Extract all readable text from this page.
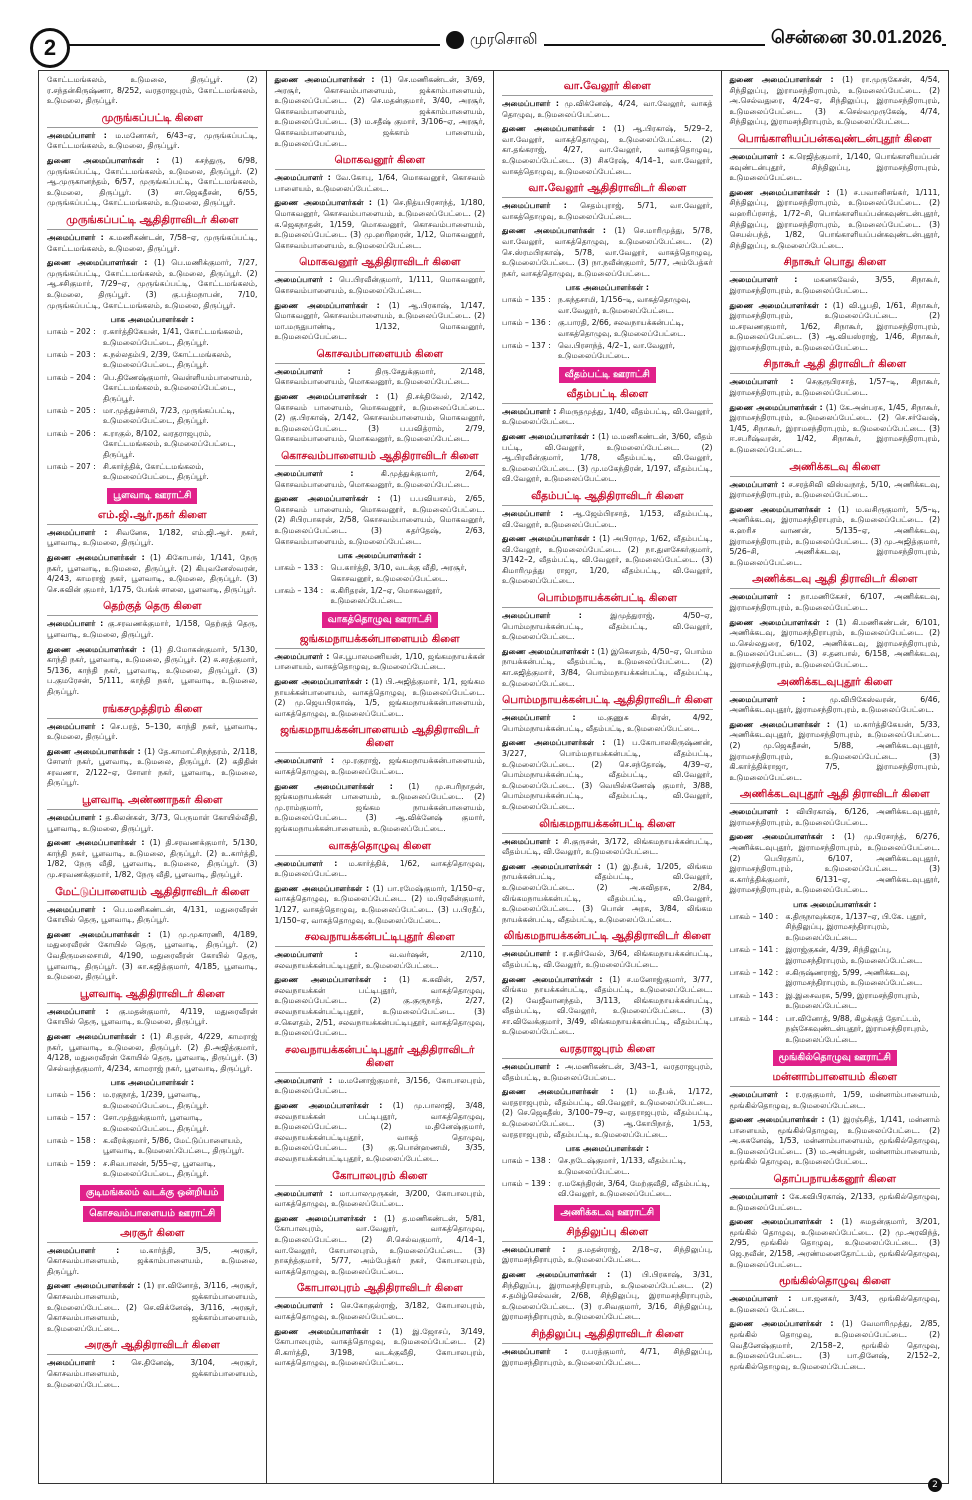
2	முரசொலி	சென்னை 30.01.2026

கோட்டமங்கலம், உடுமலை, திருப்பூர். (2) ர.சந்தன்கிருஷ்ணா, 8/252, வரதராஜபுரம், கோட்டமங்கலம், உடுமலை, திருப்பூர்.

முருங்கப்பட்டி கிளை

அமைப்பாளர் : ம.மனோகர், 6/43–ஏ, முருங்கப்பட்டி, கோட்டமங்கலம், உடுமலை, திருப்பூர்.

துணை அமைப்பாளர்கள் : (1) சுசந்துரு, 6/98, முருங்கப்பட்டி, கோட்டமங்கலம், உடுமலை, திருப்பூர். (2) ஆ.முருகானந்தம், 6/57, முருங்கப்பட்டி, கோட்டமங்கலம், உடுமலை, திருப்பூர். (3) சா.ஜெகதீசன், 6/55, முருங்கப்பட்டி, கோட்டமங்கலம், உடுமலை, திருப்பூர்.

முருங்கப்பட்டி ஆதிதிராவிடர் கிளை

அமைப்பாளர் : க.மணிகண்டன், 7/58–ஏ, முருங்கப்பட்டி, கோட்டமங்கலம், உடுமலை, திருப்பூர்.

துணை அமைப்பாளர்கள் : (1) பெ.மணிக்குமார், 7/27, முருங்கப்பட்டி, கோட்டமங்கலம், உடுமலை, திருப்பூர். (2) ஆ.சசிகுமார், 7/29–ஏ, முருங்கப்பட்டி, கோட்டமங்கலம், உடுமலை, திருப்பூர். (3) கு.பத்மநாபன், 7/10, முருங்கப்பட்டி, கோட்டமங்கலம், உடுமலை, திருப்பூர்.

பாக அமைப்பாளர்கள் :
பாகம் – 202 : ர.கார்த்திகேயன், 1/41, கோட்டமங்கலம், உடுமலைப்பேட்டை, திருப்பூர்.
பாகம் – 203 : சு.நல்லதம்பி, 2/39, கோட்டமங்கலம், உடுமலைப்பேட்டை, திருப்பூர்.
பாகம் – 204 : பெ.திணேஷ்குமார், வெள்ளியம்பாளையம், கோட்டமங்கலம், உடுமலைப்பேட்டை, திருப்பூர்.
பாகம் – 205 : மா.முத்துச்சாமி, 7/23, முருங்கப்பட்டி, உடுமலைப்பேட்டை, திருப்பூர்.
பாகம் – 206 : க.ராகுல், 8/102, வரதராஜபுரம், கோட்டமங்கலம், உடுமலைப்பேட்டை, திருப்பூர்.
பாகம் – 207 : சி.கார்த்திக், கோட்டமங்கலம், உடுமலைப்பேட்டை, திருப்பூர்.
பூளவாடி ஊராட்சி
எம்.ஜி.ஆர்.நகர் கிளை

அமைப்பாளர் : சிவனேசு, 1/182, எம்.ஜி.ஆர். நகர், பூளவாடி, உடுமலை, திருப்பூர்.

துணை அமைப்பாளர்கள் : (1) கிகோபால், 1/141, நேரு நகர், பூளவாடி, உடுமலை, திருப்பூர். (2) கிபுவனேஸ்வரன், 4/243, காமராஜ் நகர், பூளவாடி, உடுமலை, திருப்பூர். (3) செ.சுவின் குமார், 1/175, பேங்க் சாலை, பூளவாடி, திருப்பூர்.

தெற்குத் தெரு கிளை

அமைப்பாளர் : கு.சரவணக்குமார், 1/158, தெற்குத் தெரு, பூளவாடி, உடுமலை, திருப்பூர்.

துணை அமைப்பாளர்கள் : (1) தி.மோகன்குமார், 5/130, காந்தி நகர், பூளவாடி, உடுமலை, திருப்பூர். (2) சு.சரத்குமார், 5/136, காந்தி நகர், பூளவாடி, உடுமலை, திருப்பூர். (3) ப.குமரேசன், 5/111, காந்தி நகர், பூளவாடி, உடுமலை, திருப்பூர்.

ரங்கசமுத்திரம் கிளை

அமைப்பாளர் : செ.பரத், 5–130, காந்தி நகர், பூளவாடி, உடுமலை, திருப்பூர்.

துணை அமைப்பாளர்கள் : (1) தே.காமாட்சிநந்தரம், 2/118, சோளர் நகர், பூளவாடி, உடுமலை, திருப்பூர். (2) கதிதின் சரவணா, 2/122–ஏ, சோளர் நகர், பூளவாடி, உடுமலை, திருப்பூர்.

பூளவாடி அண்ணாநகர் கிளை

அமைப்பாளர் : த.கிலன்கள், 3/73, பெருமாள் கோயில்வீதி, பூளவாடி, உடுமலை, திருப்பூர்.

துணை அமைப்பாளர்கள் : (1) தி.சரவணக்குமார், 5/130, காந்தி நகர், பூளவாடி, உடுமலை, திருப்பூர். (2) உ.கார்த்தி, 1/82, நேரு வீதி, பூளவாடி, உடுமலை, திருப்பூர். (3) மு.சரவணக்குமார், 1/82, நேரு வீதி, பூளவாடி, திருப்பூர்.

மேட்டுப்பாளையம் ஆதிதிராவிடர் கிளை

அமைப்பாளர் : பெ.மணிகண்டன், 4/131, மதுரைவீரன் கோயில் தெரு, பூளவாடி, திருப்பூர்.

துணை அமைப்பாளர்கள் : (1) மு.முகாரணி, 4/189, மதுரைவீரன் கோயில் தெரு, பூளவாடி, திருப்பூர். (2) வேதிருமலைசாமி, 4/190, மதுரைவீரன் கோயில் தெரு, பூளவாடி, திருப்பூர். (3) கா.சுஜித்குமார், 4/185, பூளவாடி, உடுமலை, திருப்பூர்.

பூளவாடி ஆதிதிராவிடர் கிளை

அமைப்பாளர் : கு.மதன்குமார், 4/119, மதுரைவீரன் கோயில் தெரு, பூளவாடி, உடுமலை, திருப்பூர்.

துணை அமைப்பாளர்கள் : (1) சி.தரன், 4/229, காமராஜ் நகர், பூளவாடி, உடுமலை, திருப்பூர். (2) தி.அஜித்குமார், 4/128, மதுரைவீரன் கோயில் தெரு, பூளவாடி, திருப்பூர். (3) செல்வந்தகுமார், 4/234, காமராஜ் நகர், பூளவாடி, திருப்பூர்.

பாக அமைப்பாளர்கள் :
பாகம் – 156 : ம.ரகுநாத், 1/239, பூளவாடி, உடுமலைப்பேட்டை, திருப்பூர்.
பாகம் – 157 : சோ.முத்துக்குமார், பூளவாடி, உடுமலைப்பேட்டை, திருப்பூர்.
பாகம் – 158 : க.வீரக்குமார், 5/86, மேட்டுப்பாளையம், பூளவாடி, உடுமலைப்பேட்டை, திருப்பூர்.
பாகம் – 159 : ச.சிவபாலன், 5/55–ஏ, பூளவாடி, உடுமலைப்பேட்டை, திருப்பூர்.
குடிமங்கலம் வடக்கு ஒன்றியம்
கொசவம்பாளையம் ஊராட்சி
அரசூர் கிளை

அமைப்பாளர் : ம.கார்த்தி, 3/5, அரசூர், கொசவம்பாளையம், ஜக்காம்பாளையம், உடுமலை, திருப்பூர்.

துணை அமைப்பாளர்கள் : (1) ரா.வினோத், 3/116, அரசூர், கொசவம்பாளையம், ஜக்காம்பாளையம், உடுமலைப்பேட்டை. (2) செ.விக்னேஷ், 3/116, அரசூர், கொசவம்பாளையம், ஜக்காம்பாளையம், உடுமலைப்பேட்டை.

அரசூர் ஆதிதிராவிடர் கிளை

அமைப்பாளர் : செ.தினேஷ், 3/104, அரசூர், கொசவம்பாளையம், ஜக்காம்பாளையம், உடுமலைப்பேட்டை.

துணை அமைப்பாளர்கள் : (1) செ.மணிகண்டன், 3/69, அரசூர், கொசவம்பாளையம், ஜக்காம்பாளையம், உடுமலைப்பேட்டை. (2) செ.மதன்குமார், 3/40, அரசூர், கொசவம்பாளையம், ஜக்காம்பாளையம், உடுமலைப்பேட்டை. (3) ம.சதீஷ் குமார், 3/106–ஏ, அரசூர், கொசவம்பாளையம், ஜக்காம் பாளையம், உடுமலைப்பேட்டை.

மொகவனூர் கிளை

அமைப்பாளர் : வே.கோபு, 1/64, மொகவனூர், கொசவம் பாளையம், உடுமலைப்பேட்டை.

துணை அமைப்பாளர்கள் : (1) செ.நித்யபிரசாந்த், 1/180, மொகவனூர், கொசவம்பாளையம், உடுமலைப்பேட்டை. (2) க.ஜெகநாதன், 1/159, மொகவனூர், கொசவம்பாளையம், உடுமலைப்பேட்டை. (3) மு.ஹரிஹரன், 1/12, மொகவனூர், கொசவம்பாளையம், உடுமலைப்பேட்டை.

மொகவனூர் ஆதிதிராவிடர் கிளை

அமைப்பாளர் : பெ.பிரவீன்குமார், 1/111, மொகவனூர், கொசவம்பாளையம், உடுமலைப்பேட்டை.

துணை அமைப்பாளர்கள் : (1) ஆ.பிரகாஷ், 1/147, மொகவனூர், கொசவம்பாளையம், உடுமலைப்பேட்டை. (2) மா.மருதுபாண்டி, 1/132, மொகவனூர், உடுமலைப்பேட்டை.

கொசவம்பாளையம் கிளை

அமைப்பாளர் : திரு.சேதுக்குமார், 2/148, கொசவம்பாளையம், மொகவனூர், உடுமலைப்பேட்டை.

துணை அமைப்பாளர்கள் : (1) தி.சக்திவேல், 2/142, கொசவம் பாளையம், மொகவனூர், உடுமலைப்பேட்டை. (2) கு.பிரகாஷ், 2/142, கொசவம்பாளையம், மொகவனூர், உடுமலைப்பேட்டை. (3) ப.பவித்ராம், 2/79, கொசவம்பாளையம், மொகவனூர், உடுமலைப்பேட்டை.

கொசவம்பாளையம் ஆதிதிராவிடர் கிளை

அமைப்பாளர் : கி.முத்துக்குமார், 2/64, கொசவம்பாளையம், மொகவனூர், உடுமலைப்பேட்டை.

துணை அமைப்பாளர்கள் : (1) ப.பவியாசம், 2/65, கொசவம் பாளையம், மொகவனூர், உடுமலைப்பேட்டை. (2) சிபிரபாகரன், 2/58, கொசவம்பாளையம், மொகவனூர், உடுமலைப்பேட்டை. (3) சுதர்தேஷ், 2/63, கொசவம்பாளையம், உடுமலைப்பேட்டை.

பாக அமைப்பாளர்கள் :
பாகம் – 133 : பெ.கார்த்தி, 3/10, வடக்கு வீதி, அரசூர், கொசவனூர், உடுமலைப்பேட்டை.
பாகம் – 134 : க.கிரிதரன், 1/2–ஏ, மொகவனூர், உடுமலைப்பேட்டை.
வாகத்தொழுவு ஊராட்சி
ஜங்கமநாயக்கன்பாளையம் கிளை

அமைப்பாளர் : செ.பூபாலமணியன், 1/10, ஜங்கமநாயக்கன் பாளையம், வாகத்தொழுவு, உடுமலைப்பேட்டை.

துணை அமைப்பாளர்கள் : (1) பி.அஜித்குமார், 1/1, ஜங்கம நாயக்கன்பாளையம், வாகத்தொழுவு, உடுமலைப்பேட்டை. (2) மு.ஜெயபிரகாஷ், 1/5, ஜங்கமநாயக்கன்பாளையம், வாகத்தொழுவு, உடுமலைப்பேட்டை.

ஜங்கமநாயக்கன்பாளையம் ஆதிதிராவிடர் கிளை

அமைப்பாளர் : மு.ரகுராஜ், ஜங்கமநாயக்கன்பாளையம், வாகத்தொழுவு, உடுமலைப்பேட்டை.

துணை அமைப்பாளர்கள் : (1) மு.சபரிநாதன், ஜங்கமநாயக்கன் பாளையம், உடுமலைப்பேட்டை. (2) மு.ராம்குமார், ஜங்கம நாயக்கன்பாளையம், உடுமலைப்பேட்டை. (3) ஆ.விக்னேஷ் குமார், ஜங்கமநாயக்கன்பாளையம், உடுமலைப்பேட்டை.

வாகத்தொழுவு கிளை

அமைப்பாளர் : ம.கார்த்திக், 1/62, வாகத்தொழுவு, உடுமலைப்பேட்டை.

துணை அமைப்பாளர்கள் : (1) பா.ரமேஷ்குமார், 1/150–ஏ, வாகத்தொழுவு, உடுமலைப்பேட்டை. (2) ம.பிரவீன்குமார், 1/127, வாகத்தொழுவு, உடுமலைப்பேட்டை. (3) ப.பிரதீப், 1/150–ஏ, வாகத்தொழுவு, உடுமலைப்பேட்டை.

சலவநாயக்கன்பட்டிபுதூர் கிளை

அமைப்பாளர் : வ.வர்ஷன், 2/110, சலவநாயக்கன்பட்டிபுதூர், உடுமலைப்பேட்டை.

துணை அமைப்பாளர்கள் : (1) க.கவின், 2/57, சலவநாயக்கன் பட்டிபுதூர், வாகத்தொழுவு, உடுமலைப்பேட்டை. (2) கு.குருநாத், 2/27, சலவநாயக்கன்பட்டிபுதூர், உடுமலைப்பேட்டை. (3) ச.கௌதம், 2/51, சலவநாயக்கன்பட்டிபுதூர், வாகத்தொழுவு, உடுமலைப்பேட்டை.

சலவநாயக்கன்பட்டிபுதூர் ஆதிதிராவிடர் கிளை

அமைப்பாளர் : ம.மனோஜ்குமார், 3/156, கோபாலபுரம், உடுமலைப்பேட்டை.

துணை அமைப்பாளர்கள் : (1) மு.பாலாஜி, 3/48, சலவநாயக்கன் பட்டிபுதூர், வாகத்தொழுவு, உடுமலைப்பேட்டை. (2) ம.தினேஷ்குமார், சலவநாயக்கன்பட்டிபுதூர், வாகத் தொழுவு, உடுமலைப்பேட்டை. (3) கு.பொன்ஹணமி, 3/35, சலவநாயக்கன்பட்டிபுதூர், உடுமலைப்பேட்டை.

கோபாலபுரம் கிளை

அமைப்பாளர் : மா.பாலமுருகன், 3/200, கோபாலபுரம், வாகத்தொழுவு, உடுமலைப்பேட்டை.

துணை அமைப்பாளர்கள் : (1) த.மணிகண்டன், 5/81, கோபாலபுரம், வா.வேலூர், வாகத்தொழுவு, உடுமலைப்பேட்டை. (2) சி.செல்வகுமார், 4/14–1, வா.வேலூர், கோபாலபுரம், உடுமலைப்பேட்டை. (3) நாகந்த்குமார், 5/77, அம்பேத்கர் நகர், கோபாலபுரம், வாகத்தொழுவு, உடுமலைப்பேட்டை.

கோபாலபுரம் ஆதிதிராவிடர் கிளை

அமைப்பாளர் : செ.கோகுல்ராஜ், 3/182, கோபாலபுரம், வாகத்தொழுவு, உடுமலைப்பேட்டை.

துணை அமைப்பாளர்கள் : (1) இ.ஜோசப், 3/149, கோபாலபுரம், வாகத்தொழுவு, உடுமலைப்பேட்டை. (2) சி.கார்த்தி, 3/198, வடக்குவீதி, கோபாலபுரம், வாகத்தொழுவு, உடுமலைப்பேட்டை.

வா.வேலூர் கிளை

அமைப்பாளர் : மு.விக்னேஷ், 4/24, வா.வேலூர், வாகத் தொழுவு, உடுமலைப்பேட்டை.

துணை அமைப்பாளர்கள் : (1) ஆ.பிரகாஷ், 5/29–2, வா.வேலூர், வாகத்தொழுவு, உடுமலைப்பேட்டை. (2) கா.தங்கராஜ், 4/27, வா.வேலூர், வாகத்தொழுவு, உடுமலைப்பேட்டை. (3) சிசுரேஷ், 4/14–1, வா.வேலூர், வாகத்தொழுவு, உடுமலைப்பேட்டை.

வா.வேலூர் ஆதிதிராவிடர் கிளை

அமைப்பாளர் : செதம்புராஜ், 5/71, வா.வேலூர், வாகத்தொழுவு, உடுமலைப்பேட்டை.

துணை அமைப்பாளர்கள் : (1) செ.மாரிமுத்து, 5/78, வா.வேலூர், வாகத்தொழுவு, உடுமலைப்பேட்டை. (2) செ.ஸ்ரமபிரகாஷ், 5/78, வா.வேலூர், வாகத்தொழுவு, உடுமலைப்பேட்டை. (3) நா.நவீன்குமார், 5/77, அம்பேத்கர் நகர், வாகத்தொழுவு, உடுமலைப்பேட்டை.

பாக அமைப்பாளர்கள் :
பாகம் – 135 : ந.கந்தசாமி, 1/156–டி, வாகத்தொழுவு, வா.வேலூர், உடுமலைப்பேட்டை.
பாகம் – 136 : கு.பாரதி, 2/66, சலவநாயக்கன்பட்டி, வாகத்தொழுவு, உடுமலைப்பேட்டை.
பாகம் – 137 : வெ.பிரசாந்த், 4/2–1, வா.வேலூர், உடுமலைப்பேட்டை.
வீதம்பட்டி ஊராட்சி
வீதம்பட்டி கிளை

அமைப்பாளர் : சிமருதமுத்து, 1/40, வீதம்பட்டி, வி.வேலூர், உடுமலைப்பேட்டை.

துணை அமைப்பாளர்கள் : (1) ம.மணிகண்டன், 3/60, வீதம் பட்டி, வி.வேலூர், உடுமலைப்பேட்டை. (2) ஆ.பிரவீன்குமார், 1/78, வீதம்பட்டி, வி.வேலூர், உடுமலைப்பேட்டை. (3) மு.மகேந்திரன், 1/197, வீதம்பட்டி, வி.வேலூர், உடுமலைப்பேட்டை.

வீதம்பட்டி ஆதிதிராவிடர் கிளை

அமைப்பாளர் : ஆ.ஜேம்பிரசாத், 1/153, வீதம்பட்டி, வி.வேலூர், உடுமலைப்பேட்டை.

துணை அமைப்பாளர்கள் : (1) அபிராமு, 1/62, வீதம்பட்டி, வி.வேலூர், உடுமலைப்பேட்டை. (2) நா.துளசேகர்குமார், 3/142–2, வீதம்பட்டி, வி.வேலூர், உடுமலைப்பேட்டை. (3) கிமாரிமுத்து ராஜா, 1/20, வீதம்பட்டி, வி.வேலூர், உடுமலைப்பேட்டை.

பொம்மநாயக்கன்பட்டி கிளை

அமைப்பாளர் : இமுத்துராஜ், 4/50–ஏ, பொம்மநாயக்கன்பட்டி, வீதம்பட்டி, வி.வேலூர், உடுமலைப்பேட்டை.

துணை அமைப்பாளர்கள் : (1) இகௌதம், 4/50–ஏ, பொம்ம நாயக்கன்பட்டி, வீதம்பட்டி, உடுமலைப்பேட்டை. (2) கா.சுஜித்குமார், 3/84, பொம்மநாயக்கன்பட்டி, வீதம்பட்டி, உடுமலைப்பேட்டை.

பொம்மநாயக்கன்பட்டி ஆதிதிராவிடர் கிளை

அமைப்பாளர் : ம.குணுசு கிரன், 4/92, பொம்மநாயக்கன்பட்டி, வீதம்பட்டி, உடுமலைப்பேட்டை.

துணை அமைப்பாளர்கள் : (1) ப.கோபாலகிருஷ்ணன், 3/227, பொம்மநாயக்கன்பட்டி, வீதம்பட்டி, உடுமலைப்பேட்டை. (2) செ.சந்தோஷ், 4/39–ஏ, பொம்மநாயக்கன்பட்டி, வீதம்பட்டி, வி.வேலூர், உடுமலைப்பேட்டை. (3) வெயில்கணேஷ் குமார், 3/88, பொம்மநாயக்கன்பட்டி, வீதம்பட்டி, வி.வேலூர், உடுமலைப்பேட்டை.

லிங்கமநாயக்கன்பட்டி கிளை

அமைப்பாளர் : சி.குருசன், 3/172, லிங்கமநாயக்கன்பட்டி, வீதம்பட்டி, வி.வேலூர், உடுமலைப்பேட்டை.

துணை அமைப்பாளர்கள் : (1) இ.தீபக், 1/205, லிங்கம நாயக்கன்பட்டி, வீதம்பட்டி, வி.வேலூர், உடுமலைப்பேட்டை. (2) அ.சுவிதரசு, 2/84, லிங்கமநாயக்கன்பட்டி, வீதம்பட்டி, வி.வேலூர், உடுமலைப்பேட்டை. (3) பொன் அரசு, 3/84, லிங்கம நாயக்கன்பட்டி, வீதம்பட்டி, உடுமலைப்பேட்டை.

லிங்கமநாயக்கன்பட்டி ஆதிதிராவிடர் கிளை

அமைப்பாளர் : ர.சுதிர்வேல், 3/64, லிங்கமநாயக்கன்பட்டி, வீதம்பட்டி, வி.வேலூர், உடுமலைப்பேட்டை.

துணை அமைப்பாளர்கள் : (1) ச.மனோஜ்குமார், 3/77, லிங்கம நாயக்கன்பட்டி, வீதம்பட்டி, உடுமலைப்பேட்டை. (2) வேஜீவானந்தம், 3/113, லிங்கமநாயக்கன்பட்டி, வீதம்பட்டி, வி.வேலூர், உடுமலைப்பேட்டை. (3) சா.விவேக்குமார், 3/49, லிங்கமநாயக்கன்பட்டி, வீதம்பட்டி, உடுமலைப்பேட்டை.

வரதராஜபுரம் கிளை

அமைப்பாளர் : அ.மணிகண்டன், 3/43–1, வரதராஜபுரம், வீதம்பட்டி, உடுமலைப்பேட்டை.

துணை அமைப்பாளர்கள் : (1) ம.தீபக், 1/172, வரதராஜபுரம், வீதம்பட்டி, வி.வேலூர், உடுமலைப்பேட்டை. (2) செ.ஜெகதீஸ், 3/100–79–ஏ, வரதராஜபுரம், வீதம்பட்டி, உடுமலைப்பேட்டை. (3) ஆ.கோபிநாத், 1/53, வரதராஜபுரம், வீதம்பட்டி, உடுமலைப்பேட்டை.

பாக அமைப்பாளர்கள் :
பாகம் – 138 : செ.நடேஷ்குமார், 1/133, வீதம்பட்டி, உடுமலைப்பேட்டை.
பாகம் – 139 : ர.மகேந்திரன், 3/64, மேற்குவீதி, வீதம்பட்டி, வி.வேலூர், உடுமலைப்பேட்டை.
அணிக்கடவு ஊராட்சி
சிந்திலுப்பு கிளை

அமைப்பாளர் : த.மதன்ராஜ், 2/18–ஏ, சிந்திலுப்பு, இராமசந்திராபுரம், உடுமலைப்பேட்டை.

துணை அமைப்பாளர்கள் : (1) பி.பிரகாஷ், 3/31, சிந்திலுப்பு, இராமசந்திராபுரம், உடுமலைப்பேட்டை. (2) ச.தமிழ்செல்வன், 2/68, சிந்திலுப்பு, இராமசந்திராபுரம், உடுமலைப்பேட்டை. (3) ர.சிவகுமார், 3/16, சிந்திலுப்பு, இராமசந்திராபுரம், உடுமலைப்பேட்டை.

சிந்திலுப்பு ஆதிதிராவிடர் கிளை

அமைப்பாளர் : ர.பரத்குமார், 4/71, சிந்திலுப்பு, இராமசந்திராபுரம், உடுமலைப்பேட்டை.

துணை அமைப்பாளர்கள் : (1) ரா.முருகேசன், 4/54, சிந்திலுப்பு, இராமசந்திராபுரம், உடுமலைப்பேட்டை. (2) அ.செல்வதுரை, 4/24–ஏ, சிந்திலுப்பு, இராமசந்திராபுரம், உடுமலைப்பேட்டை. (3) க.செல்வமுருகேஷ், 4/74, சிந்திலுப்பு, இராமசந்திராபுரம், உடுமலைப்பேட்டை.

பொங்காளியப்பன்கவுண்டன்புதூர் கிளை

அமைப்பாளர் : க.ரெஜித்குமார், 1/140, பொங்காளியப்பன் கவுண்டன்புதூர், சிந்திலுப்பு, இராமசந்திராபுரம், உடுமலைப்பேட்டை.

துணை அமைப்பாளர்கள் : (1) ச.பவானிசங்கர், 1/111, சிந்திலுப்பு, இராமசந்திராபுரம், உடுமலைப்பேட்டை. (2) வஹரிப்ரசாத், 1/72–சி, பொங்காளியப்பன்கவுண்டன்புதூர், சிந்திலுப்பு, இராமசந்திராபுரம், உடுமலைப்பேட்டை. (3) செயல்பந்த், 1/82, பொங்காளியப்பன்கவுண்டன்புதூர், சிந்திலுப்பு, உடுமலைப்பேட்டை.

சிநாகூர் பொது கிளை

அமைப்பாளர் : மகனகவேல், 3/55, சிநாகூர், இராமசந்திராபுரம், உடுமலைப்பேட்டை.

துணை அமைப்பாளர்கள் : (1) வி.பூபதி, 1/61, சிநாகூர், இராமசந்திராபுரம், உடுமலைப்பேட்டை. (2) ம.சரவணகுமார், 1/62, சிநாகூர், இராமசந்திராபுரம், உடுமலைப்பேட்டை. (3) ஆ.வியஸ்ராஜ், 1/46, சிநாகூர், இராமசந்திராபுரம், உடுமலைப்பேட்டை.

சிநாகூர் ஆதி திராவிடர் கிளை

அமைப்பாளர் : செகுருபிரசாத், 1/57–டி, சிநாகூர், இராமசந்திராபுரம், உடுமலைப்பேட்டை.

துணை அமைப்பாளர்கள் : (1) கே.அன்பரசு, 1/45, சிநாகூர், இராமசந்திராபுரம், உடுமலைப்பேட்டை. (2) செ.சர்வேஷ், 1/45, சிநாகூர், இராமசந்திராபுரம், உடுமலைப்பேட்டை. (3) ஈ.சபரீஷ்வரன், 1/42, சிநாகூர், இராமசந்திராபுரம், உடுமலைப்பேட்டை.

அணிக்கடவு கிளை

அமைப்பாளர் : ச.சரத்சிவி விஸ்வநாத், 5/10, அணிக்கடவு, இராமசந்திராபுரம், உடுமலைப்பேட்டை.

துணை அமைப்பாளர்கள் : (1) ம.வசிருகுமார், 5/5–டி, அணிக்கடவு, இராமசந்திராபுரம், உடுமலைப்பேட்டை. (2) க.ஹரிச வாணன், 5/135–ஏ, அணிக்கடவு, இராமசந்திராபுரம், உடுமலைப்பேட்டை. (3) மு.அஜித்குமார், 5/26–சி, அணிக்கடவு, இராமசந்திராபுரம், உடுமலைப்பேட்டை.

அணிக்கடவு ஆதி திராவிடர் கிளை

அமைப்பாளர் : நா.மணிகேசர், 6/107, அணிக்கடவு, இராமசந்திராபுரம், உடுமலைப்பேட்டை.

துணை அமைப்பாளர்கள் : (1) கி.மணிகண்டன், 6/101, அணிக்கடவு, இராமசந்திராபுரம், உடுமலைப்பேட்டை. (2) ம.செல்லதுரை, 6/102, அணிக்கடவு, இராமசந்திராபுரம், உடுமலைப்பேட்டை. (3) ச.தனபால், 6/158, அணிக்கடவு, இராமசந்திராபுரம், உடுமலைப்பேட்டை.

அணிக்கடவுபுதூர் கிளை

அமைப்பாளர் : மு.விபிகேஸ்வரன், 6/46, அணிக்கடவுபுதூர், இராமசந்திராபுரம், உடுமலைப்பேட்டை.

துணை அமைப்பாளர்கள் : (1) ம.கார்த்திகேயன், 5/33, அணிக்கடவுபுதூர், இராமசந்திராபுரம், உடுமலைப்பேட்டை. (2) மு.ஜெகதீசன், 5/88, அணிக்கடவுபுதூர், இராமசந்திராபுரம், உடுமலைப்பேட்டை. (3) கி.கார்த்திக்ராஜா, 7/5, இராமசந்திராபுரம், உடுமலைப்பேட்டை.

அணிக்கடவுபுதூர் ஆதி திராவிடர் கிளை

அமைப்பாளர் : வியிரகாஷ், 6/126, அணிக்கடவுபுதூர், இராமசந்திராபுரம், உடுமலைப்பேட்டை.

துணை அமைப்பாளர்கள் : (1) மு.பிரசாந்த், 6/276, அணிக்கடவுபுதூர், இராமசந்திராபுரம், உடுமலைப்பேட்டை. (2) பெபிரதாப், 6/107, அணிக்கடவுபுதூர், இராமசந்திராபுரம், உடுமலைப்பேட்டை. (3) க.கார்த்திக்குமார், 6/131–ஏ, அணிக்கடவுபுதூர், இராமசந்திராபுரம், உடுமலைப்பேட்டை.

பாக அமைப்பாளர்கள் :
பாகம் – 140 : க.திருநாவுக்கரசு, 1/137–ஏ, பி.கே. புதூர், சிந்திலுப்பு, இராமசந்திராபுரம், உடுமலைப்பேட்டை.
பாகம் – 141 : இராஜ்குகன், 4/39, சிந்திலுப்பு, இராமசந்திராபுரம், உடுமலைப்பேட்டை.
பாகம் – 142 : ச.கிருஷ்ணராஜ், 5/99, அணிக்கடவு, இராமசந்திராபுரம், உடுமலைப்பேட்டை.
பாகம் – 143 : இ.இசைவரசு, 5/99, இராமசந்திராபுரம், உடுமலைப்பேட்டை.
பாகம் – 144 : பா.வினோத், 9/88, கிழக்குத் தோட்டம், நஞ்சேகவுண்டன்புதூர், இராமசந்திராபுரம், உடுமலைப்பேட்டை.
மூங்கில்தொழுவு ஊராட்சி
மன்னாம்பாளையம் கிளை

அமைப்பாளர் : ர.ரகுகுமார், 1/59, மன்னாம்பாளையம், மூங்கில்தொழுவு, உடுமலைப்பேட்டை.

துணை அமைப்பாளர்கள் : (1) இரஞ்சித், 1/141, மன்னாம் பாளையம், மூங்கில்தொழுவு, உடுமலைப்பேட்டை. (2) அ.சுகனேஷ், 1/53, மன்னாம்பாளையம், மூங்கில்தொழுவு, உடுமலைப்பேட்டை. (3) ம.அன்பழன், மன்னாம்பாளையம், மூங்கில் தொழுவு, உடுமலைப்பேட்டை.

தொப்பநாயக்கனூர் கிளை

அமைப்பாளர் : கே.கவிபிரகாஷ், 2/133, மூங்கில்தொழுவு, உடுமலைப்பேட்டை.

துணை அமைப்பாளர்கள் : (1) சுமதன்குமார், 3/201, மூங்கில் தொழுவு, உடுமலைப்பேட்டை. (2) மு.அரவிந்த், 2/95, மூங்கில் தொழுவு, உடுமலைப்பேட்டை. (3) ஜெ.நவீன், 2/158, அரண்மனைதோட்டம், மூங்கில்தொழுவு, உடுமலைப்பேட்டை.

மூங்கில்தொழுவு கிளை

அமைப்பாளர் : பா.ஜனகர், 3/43, மூங்கில்தொழுவு, உடுமலைப் பேட்டை.

துணை அமைப்பாளர்கள் : (1) வேமாரிமுத்து, 2/85, மூங்கில் தொழுவு, உடுமலைப்பேட்டை. (2) வெதீனேஷ்குமார், 2/158–2, மூங்கில் தொழுவு, உடுமலைப்பேட்டை. (3) பா.தினேஷ், 2/152–2, மூங்கில்தொழுவு, உடுமலைப்பேட்டை.

2
